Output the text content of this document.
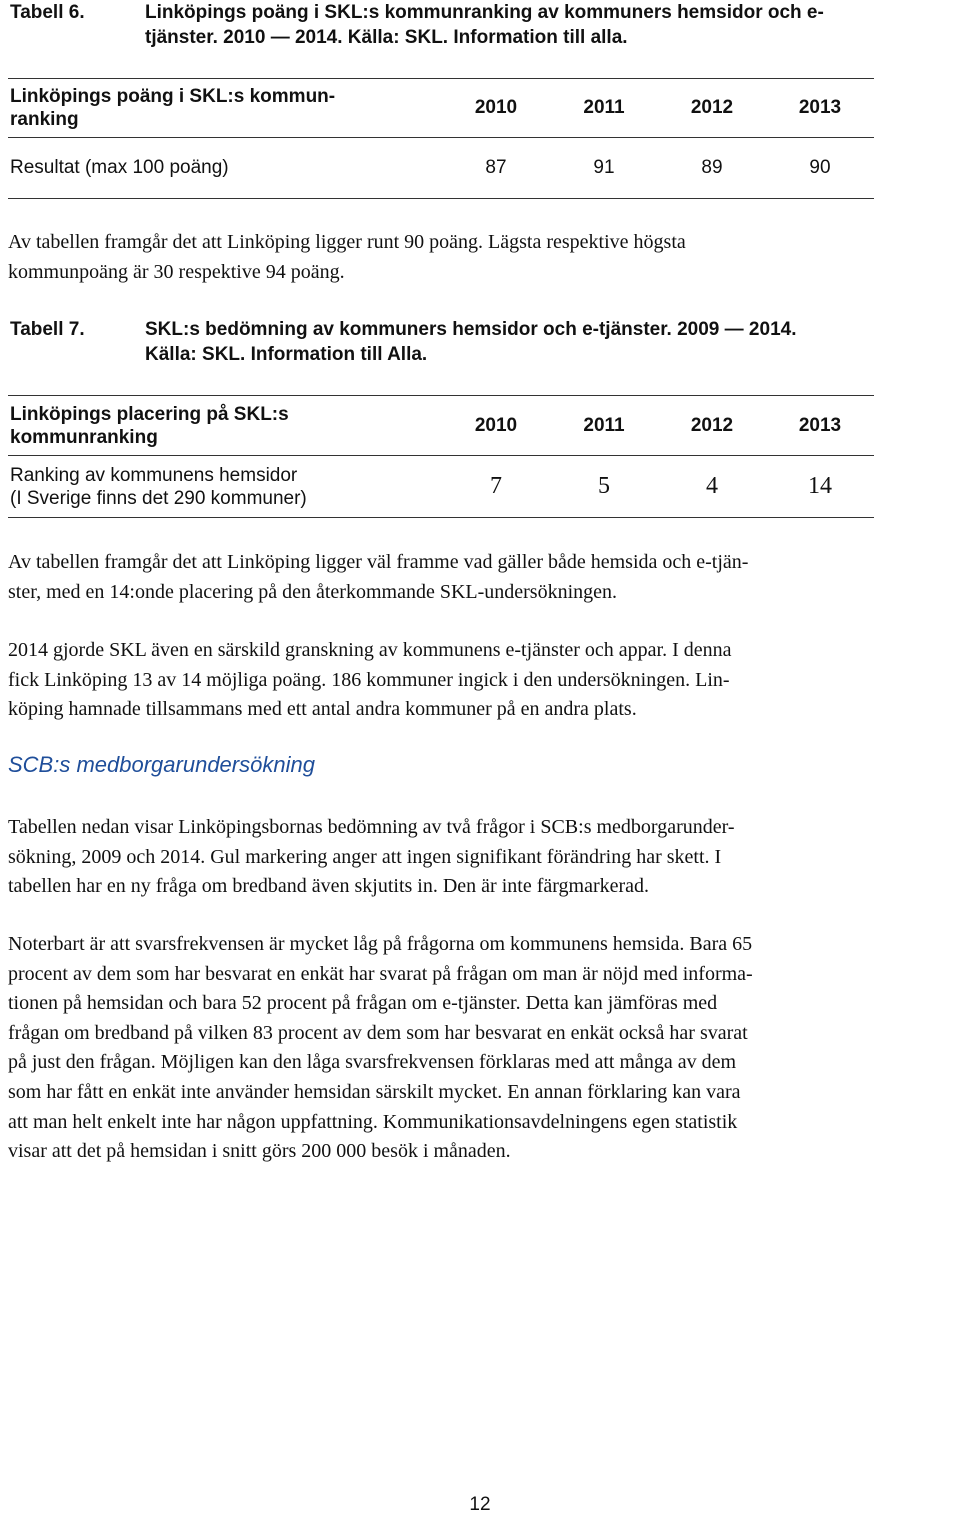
Tabell 6.	Linköpings poäng i SKL:s kommunranking av kommuners hemsidor och e-
tjänster. 2010 — 2014. Källa: SKL. Information till alla.
Linköpings poäng i SKL:s kommun-
ranking	2010	2011	2012	2013
Resultat (max 100 poäng)	87	91	89	90

Av tabellen framgår det att Linköping ligger runt 90 poäng. Lägsta respektive högsta
kommunpoäng är 30 respektive 94 poäng.

Tabell 7.	SKL:s bedömning av kommuners hemsidor och e-tjänster. 2009 — 2014.
Källa: SKL. Information till Alla.
Linköpings placering på SKL:s
kommunranking	2010	2011	2012	2013

Ranking av kommunens hemsidor
(I Sverige finns det 290 kommuner)	7	5	4	14

Av tabellen framgår det att Linköping ligger väl framme vad gäller både hemsida och e-tjän-
ster, med en 14:onde placering på den återkommande SKL-undersökningen.

2014 gjorde SKL även en särskild granskning av kommunens e-tjänster och appar. I denna
fick Linköping 13 av 14 möjliga poäng. 186 kommuner ingick i den undersökningen. Lin-
köping hamnade tillsammans med ett antal andra kommuner på en andra plats.

SCB:s medborgarundersökning

Tabellen nedan visar Linköpingsbornas bedömning av två frågor i SCB:s medborgarunder-
sökning, 2009 och 2014. Gul markering anger att ingen signifikant förändring har skett. I
tabellen har en ny fråga om bredband även skjutits in. Den är inte färgmarkerad.

Noterbart är att svarsfrekvensen är mycket låg på frågorna om kommunens hemsida. Bara 65
procent av dem som har besvarat en enkät har svarat på frågan om man är nöjd med informa-
tionen på hemsidan och bara 52 procent på frågan om e-tjänster. Detta kan jämföras med
frågan om bredband på vilken 83 procent av dem som har besvarat en enkät också har svarat
på just den frågan. Möjligen kan den låga svarsfrekvensen förklaras med att många av dem
som har fått en enkät inte använder hemsidan särskilt mycket. En annan förklaring kan vara
att man helt enkelt inte har någon uppfattning. Kommunikationsavdelningens egen statistik
visar att det på hemsidan i snitt görs 200 000 besök i månaden.

12
